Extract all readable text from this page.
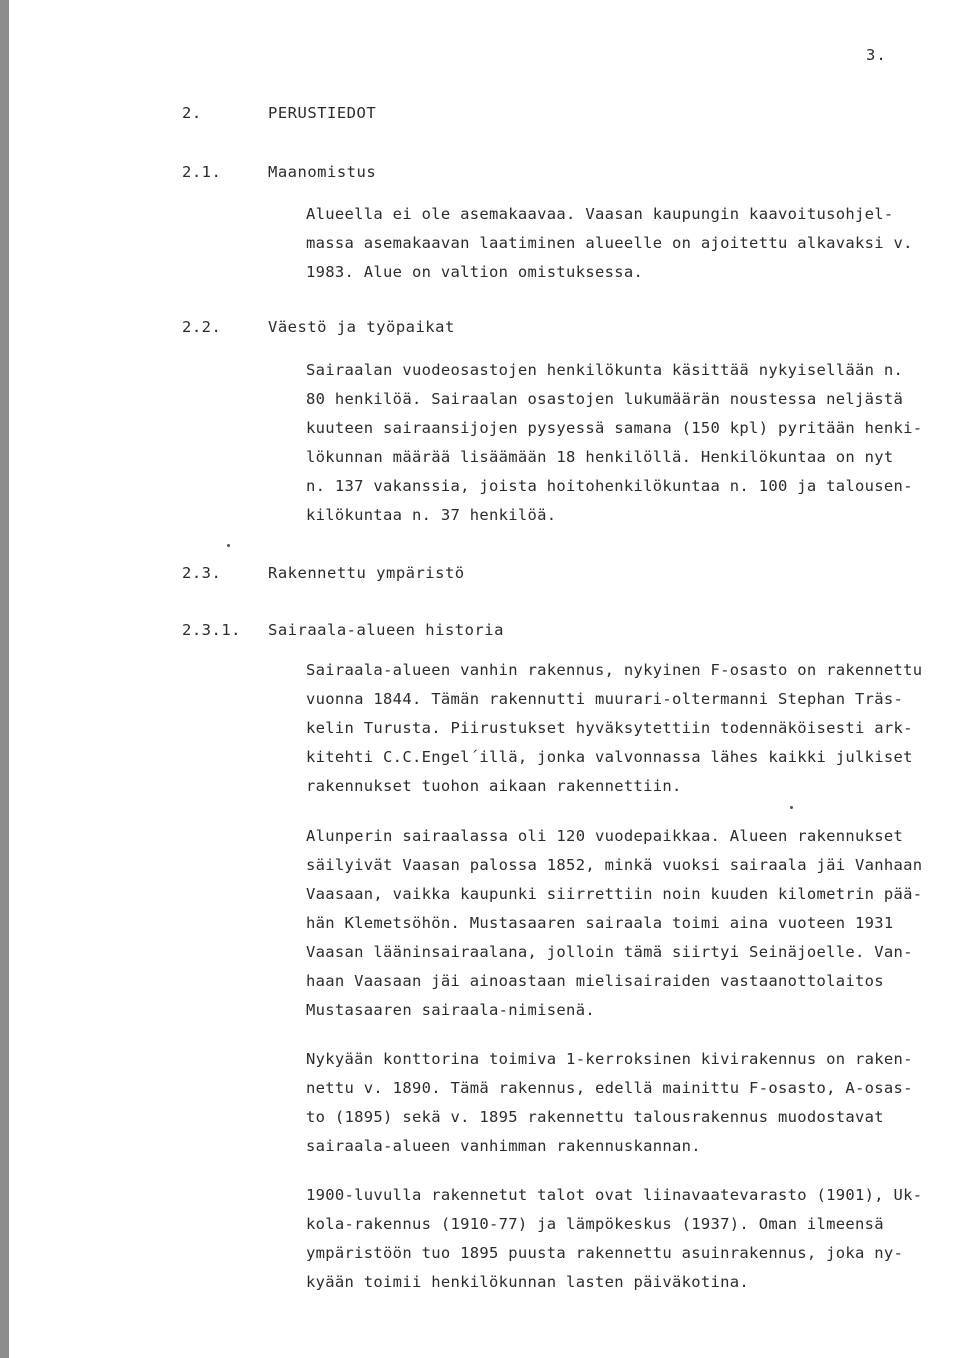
3.
2.	PERUSTIEDOT
2.1.	Maanomistus
2.2.	Väestö ja työpaikat
2.3.	Rakennettu ympäristö
2.3.1. Sairaala-alueen historia
Alueella ei ole asemakaavaa. Vaasan kaupungin kaavoitusohjel-
massa asemakaavan laatiminen alueelle on ajoitettu alkavaksi v.
1983. Alue on valtion omistuksessa.
Sairaalan vuodeosastojen henkilökunta käsittää nykyisellään n.
80 henkilöä. Sairaalan osastojen lukumäärän noustessa neljästä
kuuteen sairaansijojen pysyessä samana (150 kpl) pyritään henki-
lökunnan määrää lisäämään 18 henkilöllä. Henkilökuntaa on nyt
n. 137 vakanssia, joista hoitohenkilökuntaa n. 100 ja talousen-
kilökuntaa n. 37 henkilöä.
Sairaala-alueen vanhin rakennus, nykyinen F-osasto on rakennettu
vuonna 1844. Tämän rakennutti muurari-oltermanni Stephan Träs-
kelin Turusta. Piirustukset hyväksytettiin todennäköisesti ark-
kitehti C.C.Engel´illä, jonka valvonnassa lähes kaikki julkiset
rakennukset tuohon aikaan rakennettiin.
Alunperin sairaalassa oli 120 vuodepaikkaa. Alueen rakennukset
säilyivät Vaasan palossa 1852, minkä vuoksi sairaala jäi Vanhaan
Vaasaan, vaikka kaupunki siirrettiin noin kuuden kilometrin pää-
hän Klemetsöhön. Mustasaaren sairaala toimi aina vuoteen 1931
Vaasan lääninsairaalana, jolloin tämä siirtyi Seinäjoelle. Van-
haan Vaasaan jäi ainoastaan mielisairaiden vastaanottolaitos
Mustasaaren sairaala-nimisenä.
Nykyään konttorina toimiva 1-kerroksinen kivirakennus on raken-
nettu v. 1890. Tämä rakennus, edellä mainittu F-osasto, A-osas-
to (1895) sekä v. 1895 rakennettu talousrakennus muodostavat
sairaala-alueen vanhimman rakennuskannan.
1900-luvulla rakennetut talot ovat liinavaatevarasto (1901), Uk-
kola-rakennus (1910-77) ja lämpökeskus (1937). Oman ilmeensä
ympäristöön tuo 1895 puusta rakennettu asuinrakennus, joka ny-
kyään toimii henkilökunnan lasten päiväkotina.
